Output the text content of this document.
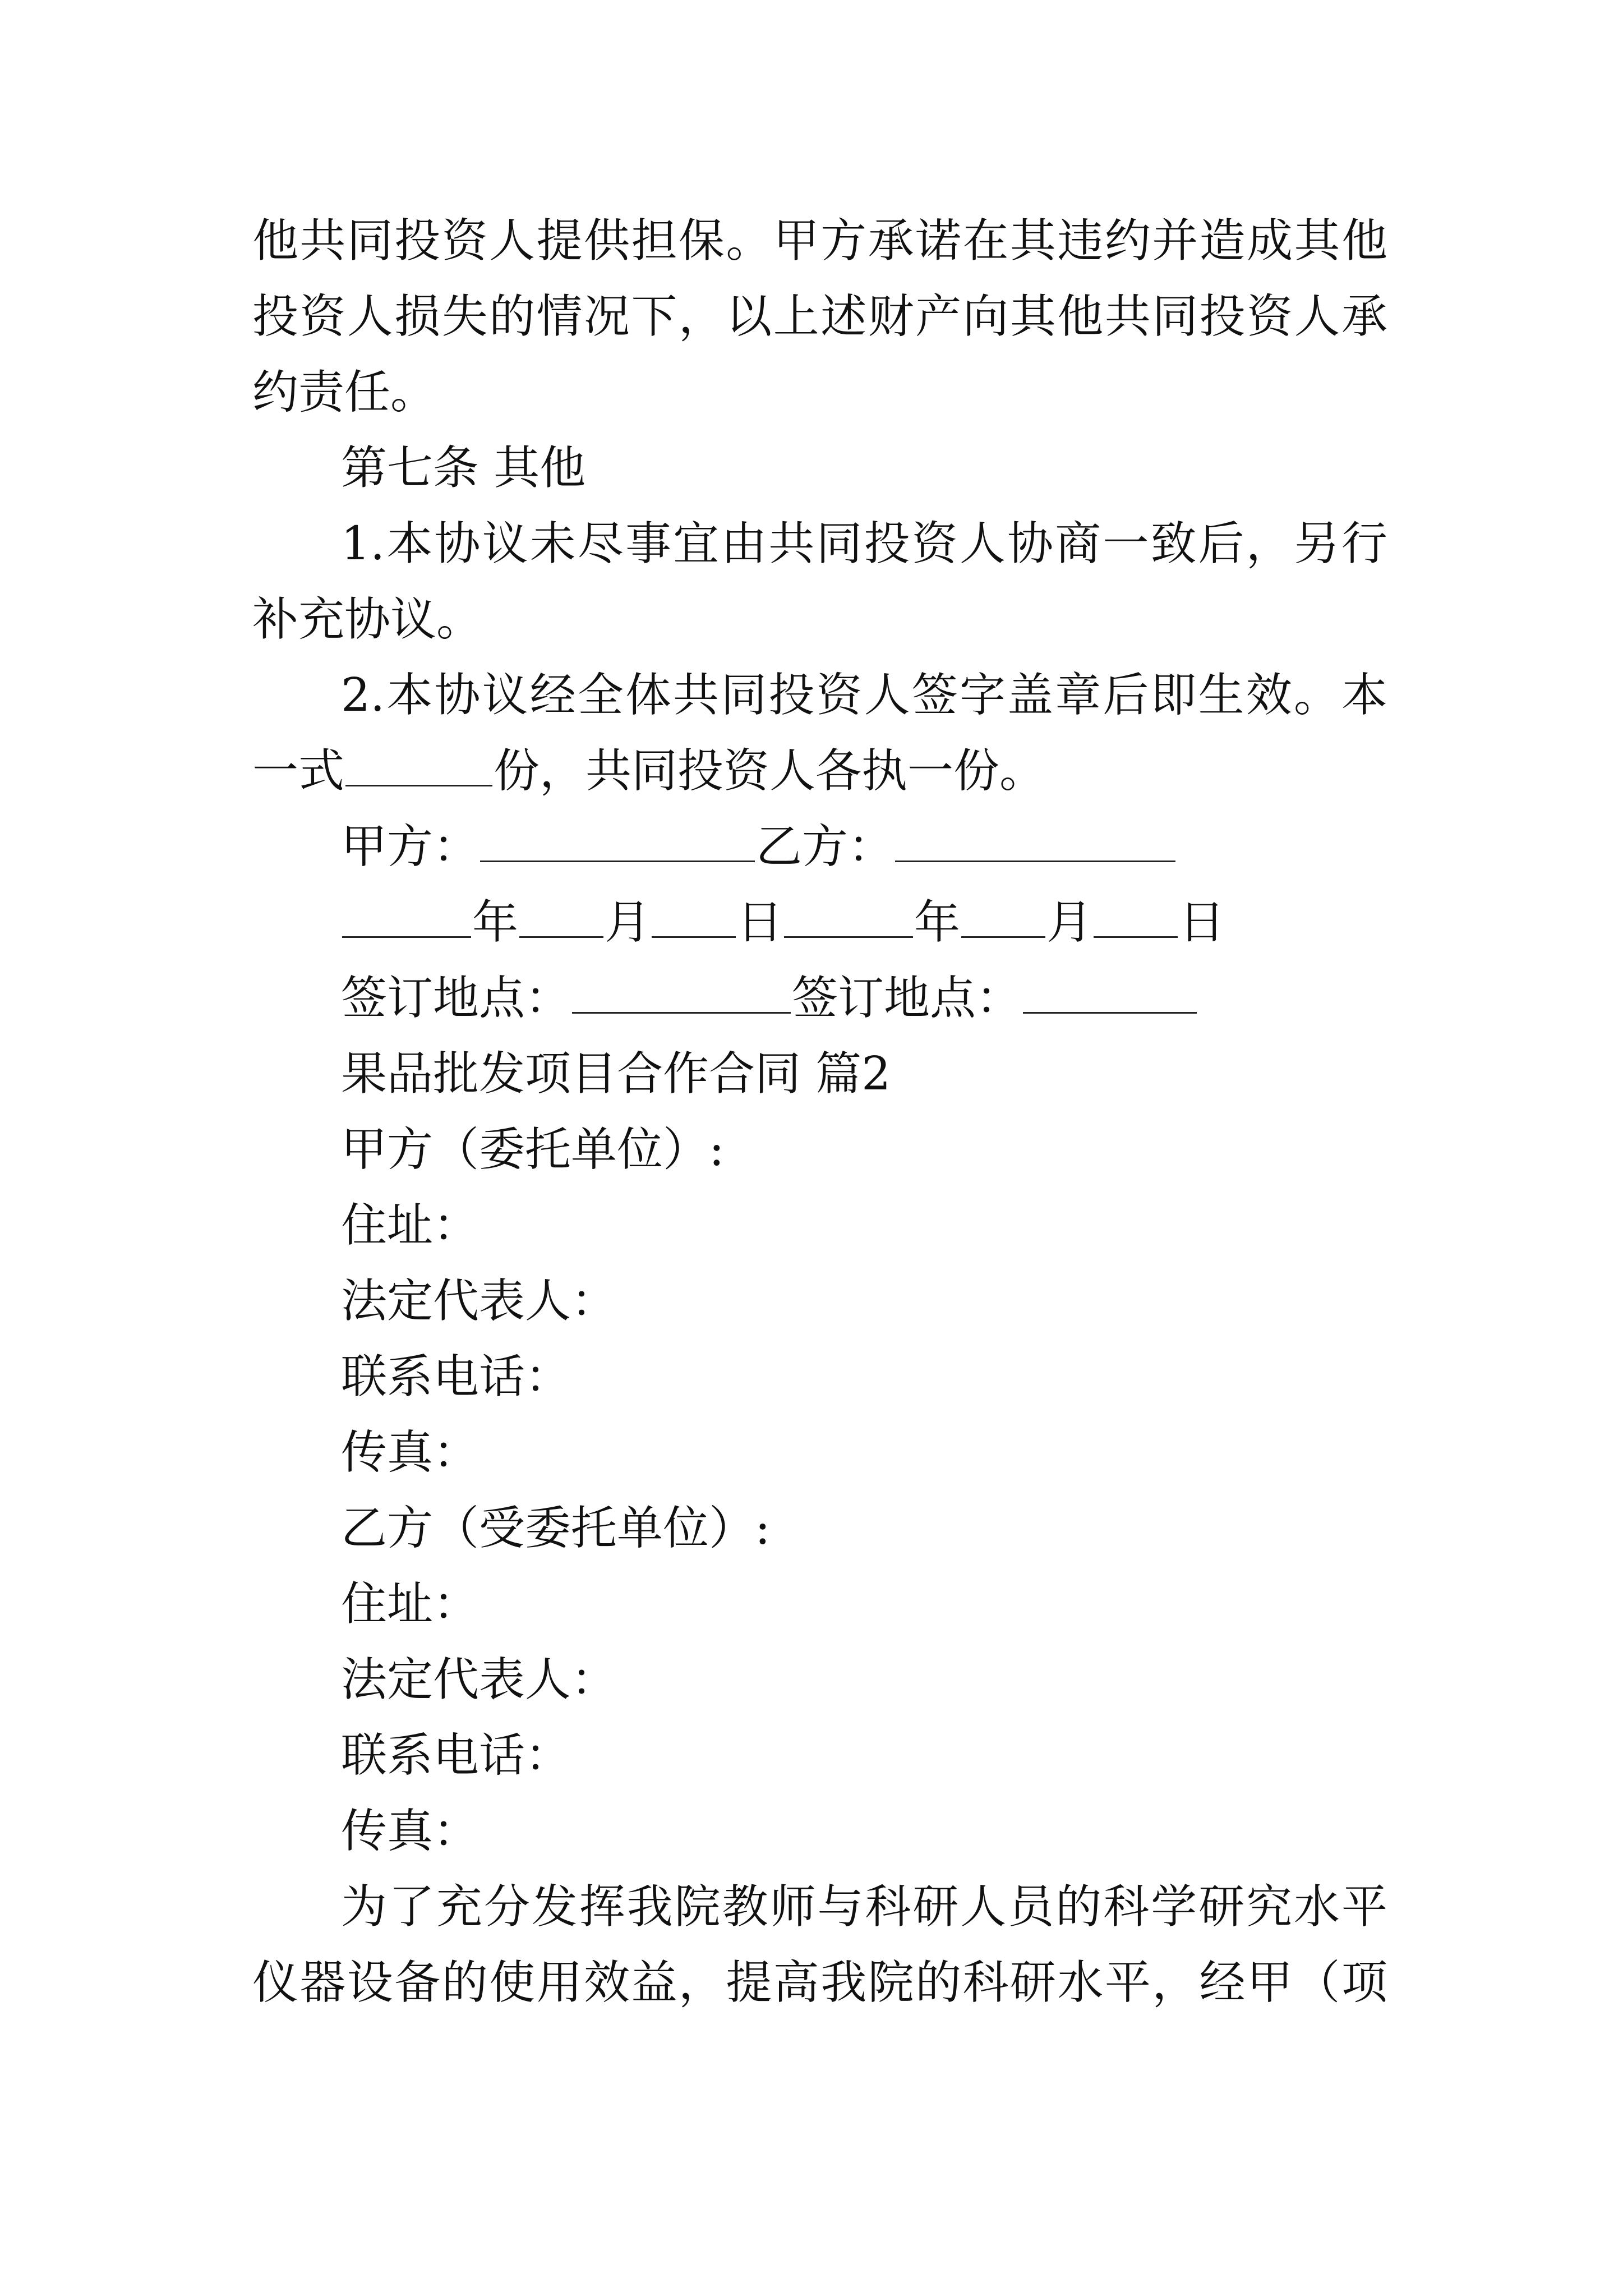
他共同投资人提供担保。甲方承诺在其违约并造成其他
投资人损失的情况下，以上述财产向其他共同投资人承
约责任。
第七条 其他
1.本协议未尽事宜由共同投资人协商一致后，另行
补充协议。
2.本协议经全体共同投资人签字盖章后即生效。本
一式	份，共同投资人各执一份。
甲方：	乙方：
年 月 日	年 月 日
签订地点：	签订地点：
果品批发项目合作合同 篇2
甲方（委托单位）:
住址：
法定代表人：
联系电话：
传真：
乙方（受委托单位）:
住址：
法定代表人：
联系电话：
传真：
为了充分发挥我院教师与科研人员的科学研究水平
仪器设备的使用效益，提高我院的科研水平，经甲（项
